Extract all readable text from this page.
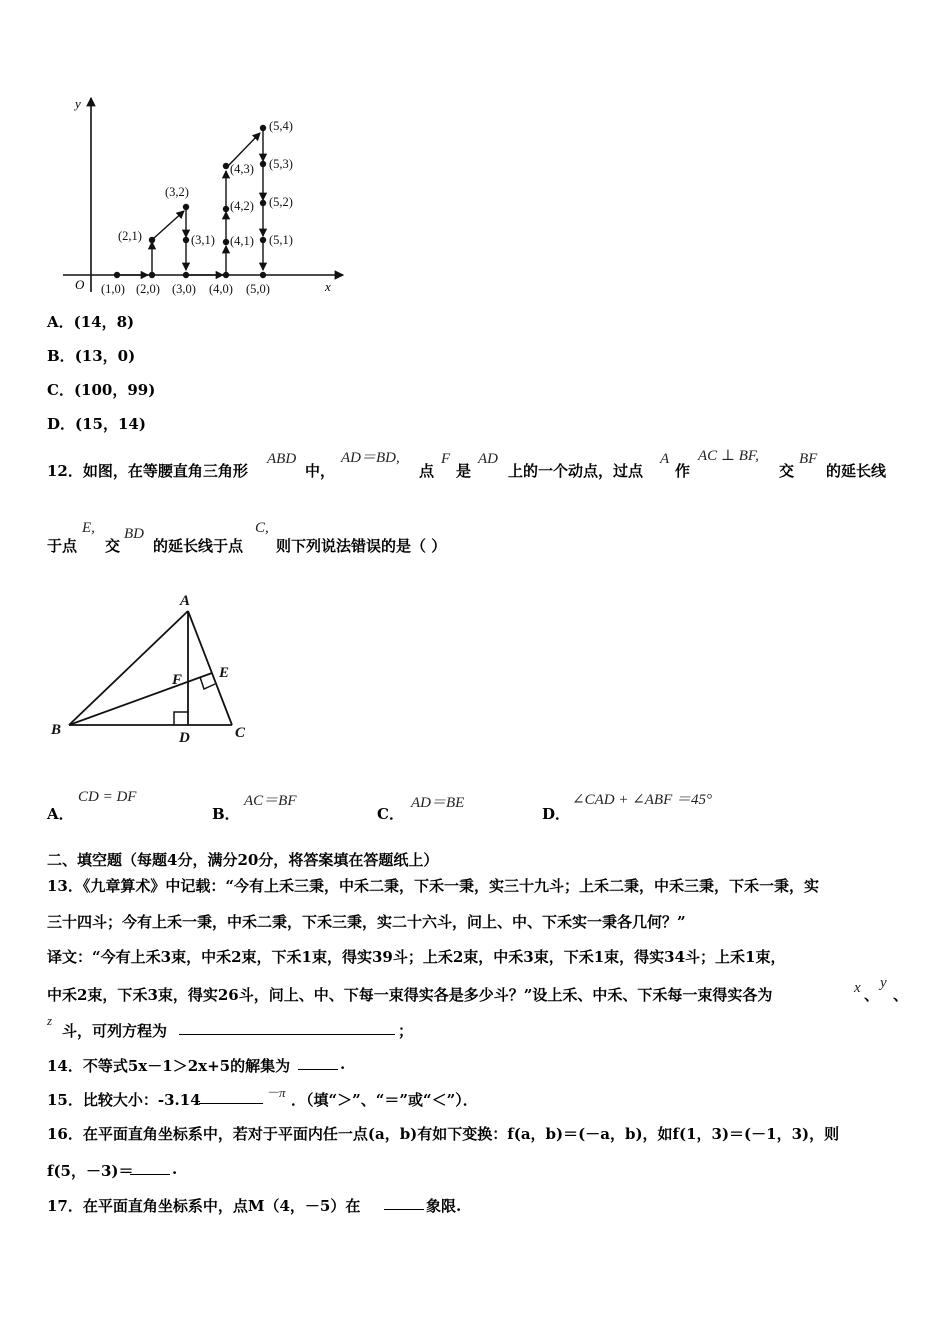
x
y
O (1,0) (2,0) (3,0) (4,0) (5,0)
(2,1)
(3,2)
(3,1)
(4,3)
(4,2)
(4,1)
(5,4)
(5,3)
(5,2)
(5,1)
A．(14，8)
B．(13，0)
C．(100，99)
D．(15，14)
12．如图，在等腰直角三角形
ABD
中，
AD＝BD,
点
F
是
AD
上的一个动点，过点
A
作
AC ⊥ BF,
交
BF
的延长线
于点
E,
交
BD
的延长线于点
C,
则下列说法错误的是（ ）
A
B	C
D
E
F
A．
CD = DF
B．
AC＝BF
C．
AD＝BE
D．
∠CAD + ∠ABF ＝45°
二、填空题（每题4分，满分20分，将答案填在答题纸上）
13．《九章算术》中记载：“今有上禾三秉，中禾二秉，下禾一秉，实三十九斗；上禾二秉，中禾三秉，下禾一秉，实
三十四斗；今有上禾一秉，中禾二秉，下禾三秉，实二十六斗，问上、中、下禾实一秉各几何？”
译文：“今有上禾3束，中禾2束，下禾1束，得实39斗；上禾2束，中禾3束，下禾1束，得实34斗；上禾1束，
中禾2束，下禾3束，得实26斗，问上、中、下每一束得实各是多少斗？”设上禾、中禾、下禾每一束得实各为	x 、
y
、
z
斗，可列方程为	；
14．不等式5x－1＞2x+5的解集为	.
15．比较大小：-3.14	－π ．（填“＞”、“＝”或“＜”）．
16．在平面直角坐标系中，若对于平面内任一点(a，b)有如下变换：f(a，b)＝(－a，b)，如f(1，3)＝(－1，3)，则
f(5，－3)＝	.
17．在平面直角坐标系中，点M（4，－5）在	象限.
